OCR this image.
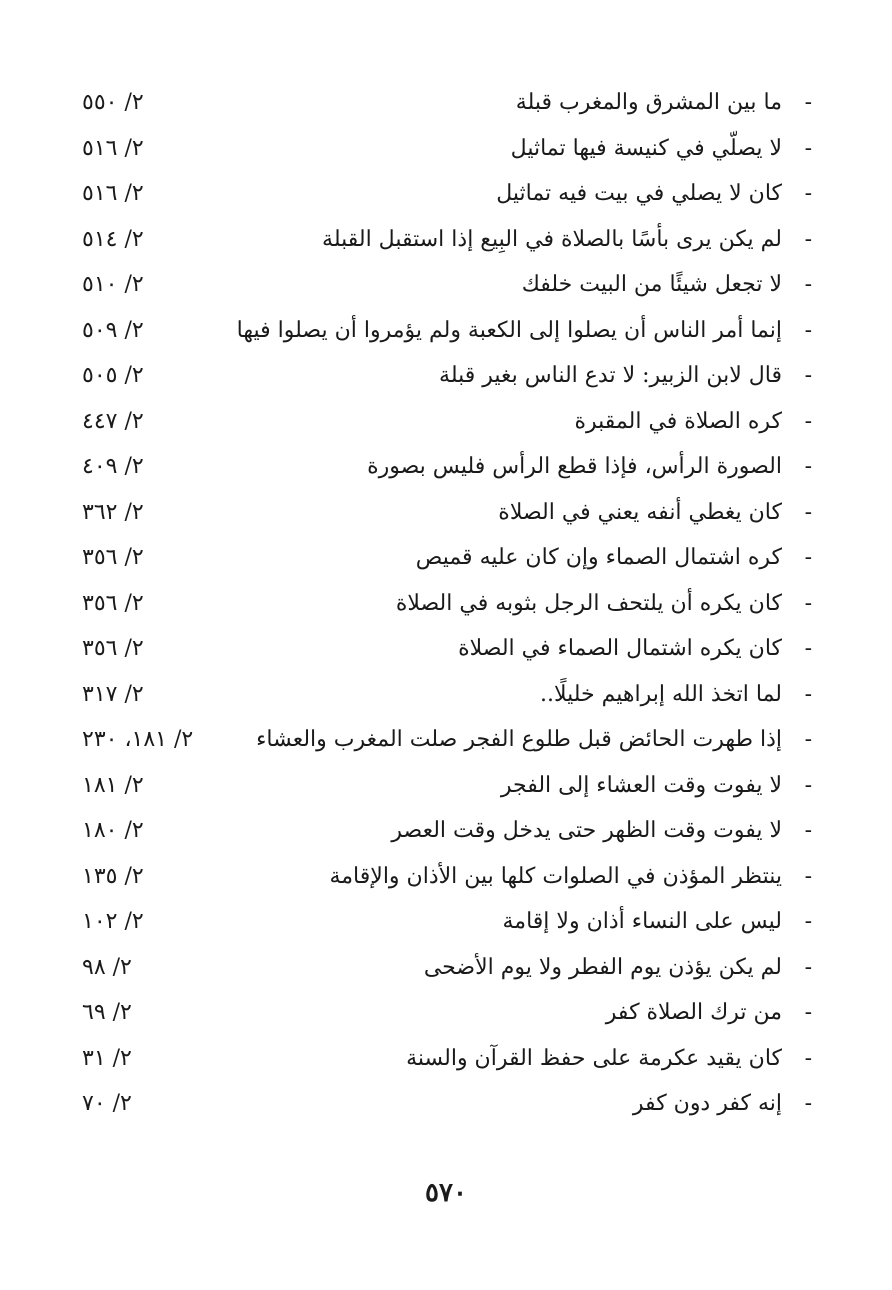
-
ما بين المشرق والمغرب قبلة
٢/ ٥٥٠
-
لا يصلّي في كنيسة فيها تماثيل
٢/ ٥١٦
-
كان لا يصلي في بيت فيه تماثيل
٢/ ٥١٦
-
لم يكن يرى بأسًا بالصلاة في البِيع إذا استقبل القبلة
٢/ ٥١٤
-
لا تجعل شيئًا من البيت خلفك
٢/ ٥١٠
-
إنما أمر الناس أن يصلوا إلى الكعبة ولم يؤمروا أن يصلوا فيها
٢/ ٥٠٩
-
قال لابن الزبير: لا تدع الناس بغير قبلة
٢/ ٥٠٥
-
كره الصلاة في المقبرة
٢/ ٤٤٧
-
الصورة الرأس، فإذا قطع الرأس فليس بصورة
٢/ ٤٠٩
-
كان يغطي أنفه يعني في الصلاة
٢/ ٣٦٢
-
كره اشتمال الصماء وإن كان عليه قميص
٢/ ٣٥٦
-
كان يكره أن يلتحف الرجل بثوبه في الصلاة
٢/ ٣٥٦
-
كان يكره اشتمال الصماء في الصلاة
٢/ ٣٥٦
-
لما اتخذ الله إبراهيم خليلًا..
٢/ ٣١٧
-
إذا طهرت الحائض قبل طلوع الفجر صلت المغرب والعشاء
٢/ ١٨١، ٢٣٠
-
لا يفوت وقت العشاء إلى الفجر
٢/ ١٨١
-
لا يفوت وقت الظهر حتى يدخل وقت العصر
٢/ ١٨٠
-
ينتظر المؤذن في الصلوات كلها بين الأذان والإقامة
٢/ ١٣٥
-
ليس على النساء أذان ولا إقامة
٢/ ١٠٢
-
لم يكن يؤذن يوم الفطر ولا يوم الأضحى
٢/ ٩٨
-
من ترك الصلاة كفر
٢/ ٦٩
-
كان يقيد عكرمة على حفظ القرآن والسنة
٢/ ٣١
-
إنه كفر دون كفر
٢/ ٧٠
٥٧٠
